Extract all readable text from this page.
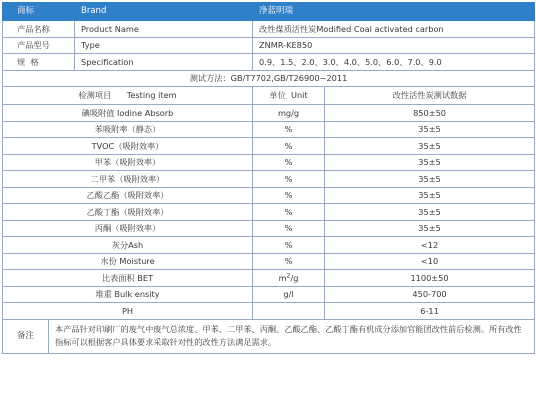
商标		Brand	净蓝明瑞	
产品名称		Product Name	改性煤质活性炭Modified Coal activated carbon	
产品型号		Type	ZNMR-KE850	
规  格		Specification	0.9、1.5、2.0、3.0、4.0、5.0、6.0、7.0、9.0	
测试方法：GB/T7702,GB/T26900~2011				
检测项目      Testing item			单位  Unit	改性活性炭测试数据
碘吸附值 Iodine Absorb			mg/g	850±50
苯吸附率（静态）			%	35±5
TVOC（吸附效率）			%	35±5
甲苯（吸附效率）			%	35±5
二甲苯（吸附效率）			%	35±5
乙酸乙酯（吸附效率）			%	35±5
乙酸丁酯（吸附效率）			%	35±5
丙酮（吸附效率）			%	35±5
灰分Ash			%	<12
水份 Moisture			%	<10
比表面积 BET			$m^2/g$	1100±50
堆重 Bulk ensity			g/l	450-700
PH				6-11
备注	本产品针对印刷厂的废气中废气总浓度、甲苯、二甲苯、丙酮、乙酸乙酯、乙酸丁酯有机成分添加官能团改性前后检测。所有改性指标可以根据客户具体要求采取针对性的改性方法满足需求。			
